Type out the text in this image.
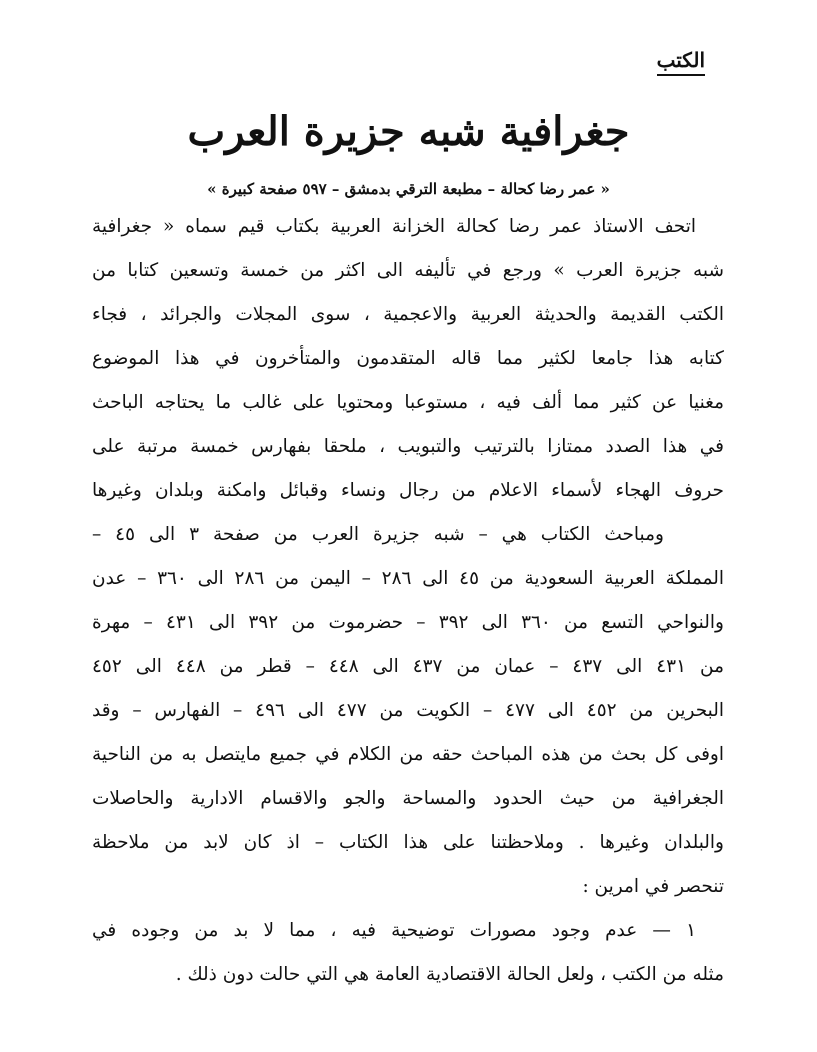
الكتب
جغرافية شبه جزيرة العرب
« عمر رضا كحالة – مطبعة الترقي بدمشق – ٥٩٧ صفحة كبيرة »
اتحف الاستاذ عمر رضا كحالة الخزانة العربية بكتاب قيم سماه « جغرافية
شبه جزيرة العرب » ورجع في تأليفه الى اكثر من خمسة وتسعين كتابا من
الكتب القديمة والحديثة العربية والاعجمية ، سوى المجلات والجرائد ، فجاء
كتابه هذا جامعا لكثير مما قاله المتقدمون والمتأخرون في هذا الموضوع
مغنيا عن كثير مما ألف فيه ، مستوعبا ومحتويا على غالب ما يحتاجه الباحث
في هذا الصدد ممتازا بالترتيب والتبويب ، ملحقا بفهارس خمسة مرتبة على
حروف الهجاء لأسماء الاعلام من رجال ونساء وقبائل وامكنة وبلدان وغيرها
ومباحث الكتاب هي – شبه جزيرة العرب من صفحة ٣ الى ٤٥ –
المملكة العربية السعودية من ٤٥ الى ٢٨٦ – اليمن من ٢٨٦ الى ٣٦٠ – عدن
والنواحي التسع من ٣٦٠ الى ٣٩٢ – حضرموت من ٣٩٢ الى ٤٣١ – مهرة
من ٤٣١ الى ٤٣٧ – عمان من ٤٣٧ الى ٤٤٨ – قطر من ٤٤٨ الى ٤٥٢
البحرين من ٤٥٢ الى ٤٧٧ – الكويت من ٤٧٧ الى ٤٩٦ – الفهارس – وقد
اوفى كل بحث من هذه المباحث حقه من الكلام في جميع مايتصل به من الناحية
الجغرافية من حيث الحدود والمساحة والجو والاقسام الادارية والحاصلات
والبلدان وغيرها . وملاحظتنا على هذا الكتاب – اذ كان لابد من ملاحظة
تنحصر في امرين :
١ — عدم وجود مصورات توضيحية فيه ، مما لا بد من وجوده في
مثله من الكتب ، ولعل الحالة الاقتصادية العامة هي التي حالت دون ذلك .
